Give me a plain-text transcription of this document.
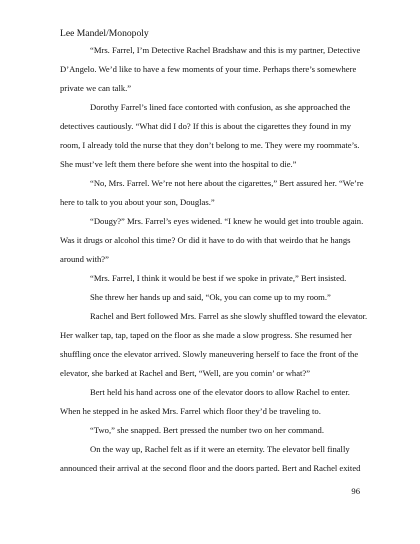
Lee Mandel/Monopoly

“Mrs. Farrel, I’m Detective Rachel Bradshaw and this is my partner, Detective D’Angelo. We’d like to have a few moments of your time. Perhaps there’s somewhere private we can talk.”

Dorothy Farrel’s lined face contorted with confusion, as she approached the detectives cautiously. “What did I do? If this is about the cigarettes they found in my room, I already told the nurse that they don’t belong to me. They were my roommate’s. She must’ve left them there before she went into the hospital to die.”

“No, Mrs. Farrel. We’re not here about the cigarettes,” Bert assured her. “We’re here to talk to you about your son, Douglas.”

“Dougy?” Mrs. Farrel’s eyes widened. “I knew he would get into trouble again. Was it drugs or alcohol this time? Or did it have to do with that weirdo that he hangs around with?”

“Mrs. Farrel, I think it would be best if we spoke in private,” Bert insisted.

She threw her hands up and said, “Ok, you can come up to my room.”

Rachel and Bert followed Mrs. Farrel as she slowly shuffled toward the elevator. Her walker tap, tap, taped on the floor as she made a slow progress. She resumed her shuffling once the elevator arrived. Slowly maneuvering herself to face the front of the elevator, she barked at Rachel and Bert, “Well, are you comin’ or what?”

Bert held his hand across one of the elevator doors to allow Rachel to enter. When he stepped in he asked Mrs. Farrel which floor they’d be traveling to.

“Two,” she snapped. Bert pressed the number two on her command.

On the way up, Rachel felt as if it were an eternity. The elevator bell finally announced their arrival at the second floor and the doors parted. Bert and Rachel exited

96
